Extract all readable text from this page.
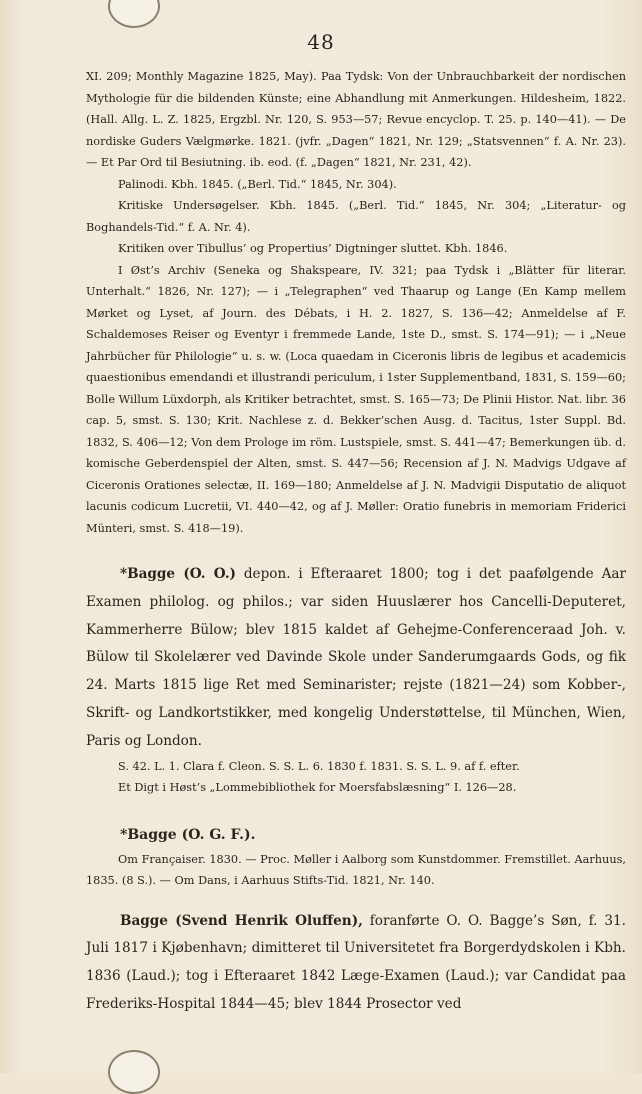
48

XI. 209; Monthly Magazine 1825, May). Paa Tydsk: Von der Unbrauchbarkeit der nordischen Mythologie für die bildenden Künste; eine Abhandlung mit Anmerkungen. Hildesheim, 1822. (Hall. Allg. L. Z. 1825, Ergzbl. Nr. 120, S. 953—57; Revue encyclop. T. 25. p. 140—41). — De nordiske Guders Vælgmørke. 1821. (jvfr. „Dagen“ 1821, Nr. 129; „Statsvennen“ f. A. Nr. 23). — Et Par Ord til Besiutning. ib. eod. (f. „Dagen“ 1821, Nr. 231, 42).

Palinodi. Kbh. 1845. („Berl. Tid.“ 1845, Nr. 304).

Kritiske Undersøgelser. Kbh. 1845. („Berl. Tid.“ 1845, Nr. 304; „Literatur- og Boghandels-Tid.“ f. A. Nr. 4).

Kritiken over Tibullus’ og Propertius’ Digtninger sluttet. Kbh. 1846.

I Øst’s Archiv (Seneka og Shakspeare, IV. 321; paa Tydsk i „Blätter für literar. Unterhalt.“ 1826, Nr. 127); — i „Telegraphen“ ved Thaarup og Lange (En Kamp mellem Mørket og Lyset, af Journ. des Débats, i H. 2. 1827, S. 136—42; Anmeldelse af F. Schaldemoses Reiser og Eventyr i fremmede Lande, 1ste D., smst. S. 174—91); — i „Neue Jahrbücher für Philologie“ u. s. w. (Loca quaedam in Ciceronis libris de legibus et academicis quaestionibus emendandi et illustrandi periculum, i 1ster Supplementband, 1831, S. 159—60; Bolle Willum Lüxdorph, als Kritiker betrachtet, smst. S. 165—73; De Plinii Histor. Nat. libr. 36 cap. 5, smst. S. 130; Krit. Nachlese z. d. Bekker’schen Ausg. d. Tacitus, 1ster Suppl. Bd. 1832, S. 406—12; Von dem Prologe im röm. Lustspiele, smst. S. 441—47; Bemerkungen üb. d. komische Geberdenspiel der Alten, smst. S. 447—56; Recension af J. N. Madvigs Udgave af Ciceronis Orationes selectæ, II. 169—180; Anmeldelse af J. N. Madvigii Disputatio de aliquot lacunis codicum Lucretii, VI. 440—42, og af J. Møller: Oratio funebris in memoriam Friderici Münteri, smst. S. 418—19).

*Bagge (O. O.) depon. i Efteraaret 1800; tog i det paafølgende Aar Examen philolog. og philos.; var siden Huuslærer hos Cancelli-Deputeret, Kammerherre Bülow; blev 1815 kaldet af Gehejme-Conferenceraad Joh. v. Bülow til Skolelærer ved Davinde Skole under Sanderumgaards Gods, og fik 24. Marts 1815 lige Ret med Seminarister; rejste (1821—24) som Kobber-, Skrift- og Landkortstikker, med kongelig Understøttelse, til München, Wien, Paris og London.

S. 42. L. 1. Clara f. Cleon. S. S. L. 6. 1830 f. 1831. S. S. L. 9. af f. efter.

Et Digt i Høst’s „Lommebibliothek for Moersfabslæsning“ I. 126—28.

*Bagge (O. G. F.).

Om Françaiser. 1830. — Proc. Møller i Aalborg som Kunstdommer. Fremstillet. Aarhuus, 1835. (8 S.). — Om Dans, i Aarhuus Stifts-Tid. 1821, Nr. 140.

Bagge (Svend Henrik Oluffen), foranførte O. O. Bagge’s Søn, f. 31. Juli 1817 i Kjøbenhavn; dimitteret til Universitetet fra Borgerdydskolen i Kbh. 1836 (Laud.); tog i Efteraaret 1842 Læge-Examen (Laud.); var Candidat paa Frederiks-Hospital 1844—45; blev 1844 Prosector ved
